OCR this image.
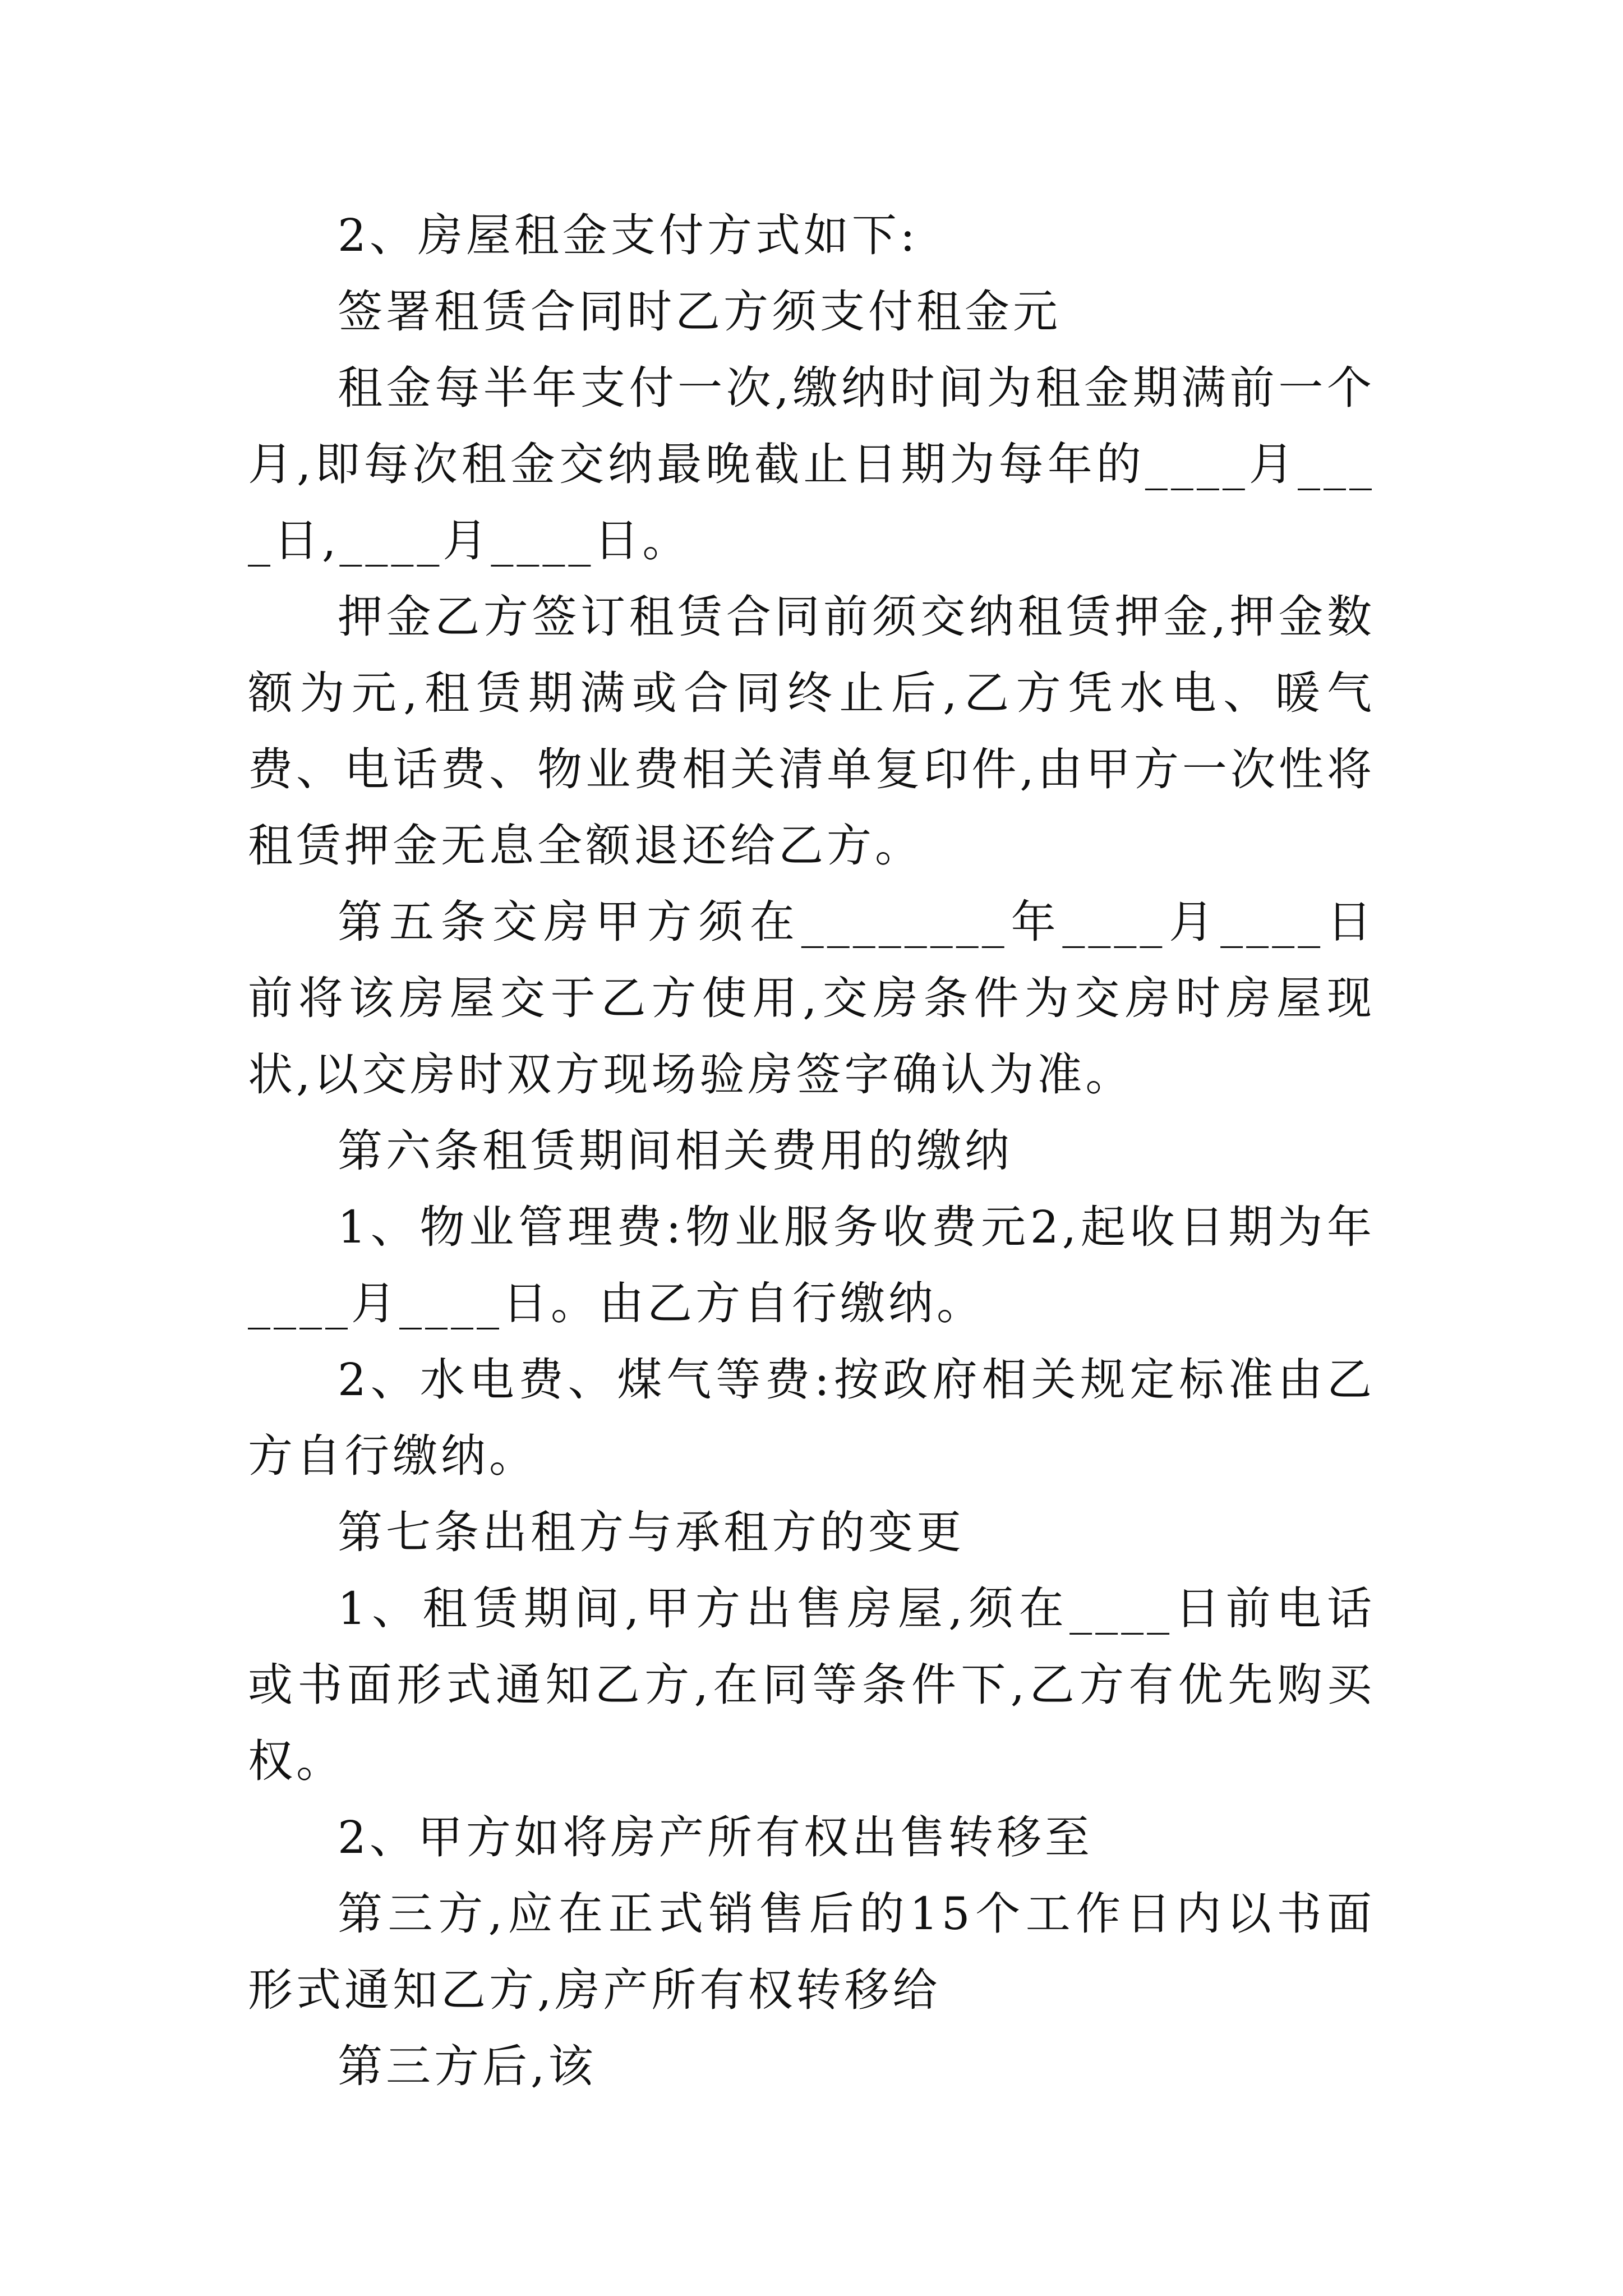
2、房屋租金支付方式如下:

签署租赁合同时乙方须支付租金元

租金每半年支付一次,缴纳时间为租金期满前一个月,即每次租金交纳最晚截止日期为每年的____月____日,____月____日。

押金乙方签订租赁合同前须交纳租赁押金,押金数额为元,租赁期满或合同终止后,乙方凭水电、暖气费、电话费、物业费相关清单复印件,由甲方一次性将租赁押金无息全额退还给乙方。

第五条交房甲方须在________年____月____日前将该房屋交于乙方使用,交房条件为交房时房屋现状,以交房时双方现场验房签字确认为准。

第六条租赁期间相关费用的缴纳

1、物业管理费:物业服务收费元2,起收日期为年____月____日。由乙方自行缴纳。

2、水电费、煤气等费:按政府相关规定标准由乙方自行缴纳。

第七条出租方与承租方的变更

1、租赁期间,甲方出售房屋,须在____日前电话或书面形式通知乙方,在同等条件下,乙方有优先购买权。

2、甲方如将房产所有权出售转移至

第三方,应在正式销售后的15个工作日内以书面形式通知乙方,房产所有权转移给

第三方后,该
